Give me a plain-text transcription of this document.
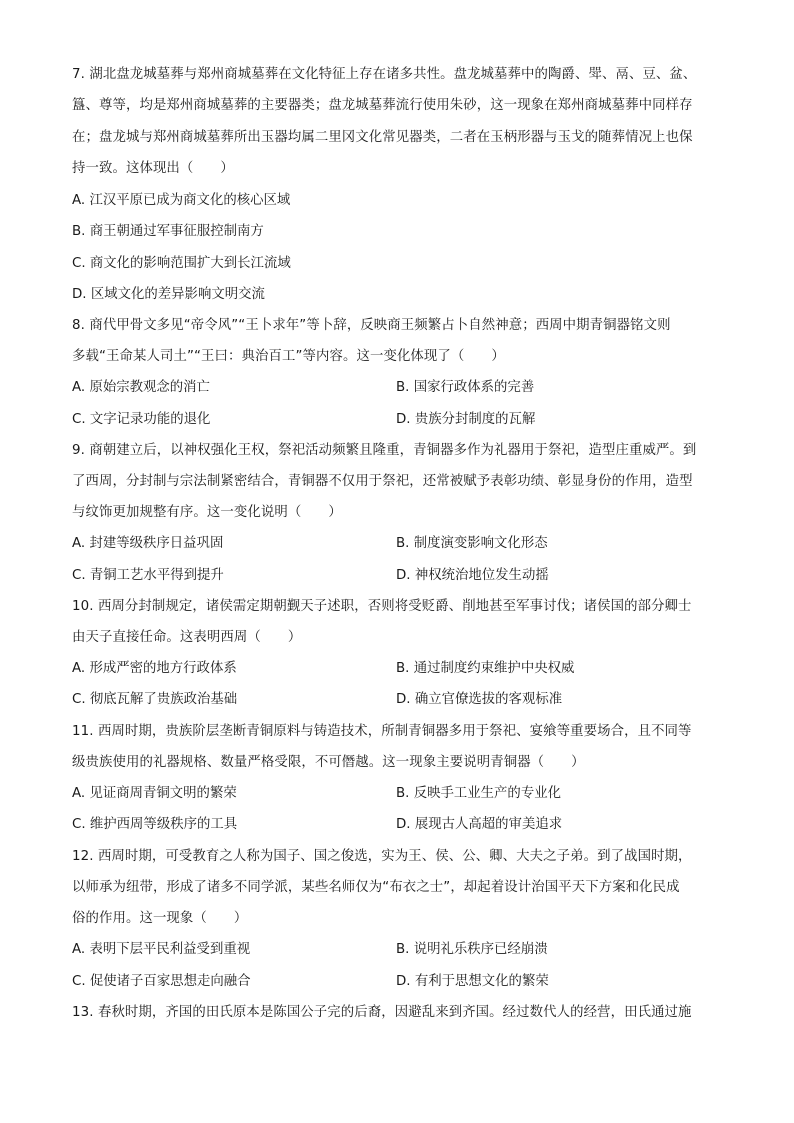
7. 湖北盘龙城墓葬与郑州商城墓葬在文化特征上存在诸多共性。盘龙城墓葬中的陶爵、斝、鬲、豆、盆、
簋、尊等，均是郑州商城墓葬的主要器类；盘龙城墓葬流行使用朱砂，这一现象在郑州商城墓葬中同样存
在；盘龙城与郑州商城墓葬所出玉器均属二里冈文化常见器类，二者在玉柄形器与玉戈的随葬情况上也保
持一致。这体现出（　　）
A. 江汉平原已成为商文化的核心区域
B. 商王朝通过军事征服控制南方
C. 商文化的影响范围扩大到长江流域
D. 区域文化的差异影响文明交流
8. 商代甲骨文多见“帝令风”“王卜求年”等卜辞，反映商王频繁占卜自然神意；西周中期青铜器铭文则
多载“王命某人司土”“王曰：典治百工”等内容。这一变化体现了（　　）
A. 原始宗教观念的消亡	B. 国家行政体系的完善
C. 文字记录功能的退化	D. 贵族分封制度的瓦解
9. 商朝建立后，以神权强化王权，祭祀活动频繁且隆重，青铜器多作为礼器用于祭祀，造型庄重威严。到
了西周，分封制与宗法制紧密结合，青铜器不仅用于祭祀，还常被赋予表彰功绩、彰显身份的作用，造型
与纹饰更加规整有序。这一变化说明（　　）
A. 封建等级秩序日益巩固	B. 制度演变影响文化形态
C. 青铜工艺水平得到提升	D. 神权统治地位发生动摇
10. 西周分封制规定，诸侯需定期朝觐天子述职，否则将受贬爵、削地甚至军事讨伐；诸侯国的部分卿士
由天子直接任命。这表明西周（　　）
A. 形成严密的地方行政体系	B. 通过制度约束维护中央权威
C. 彻底瓦解了贵族政治基础	D. 确立官僚选拔的客观标准
11. 西周时期，贵族阶层垄断青铜原料与铸造技术，所制青铜器多用于祭祀、宴飨等重要场合，且不同等
级贵族使用的礼器规格、数量严格受限，不可僭越。这一现象主要说明青铜器（　　）
A. 见证商周青铜文明的繁荣	B. 反映手工业生产的专业化
C. 维护西周等级秩序的工具	D. 展现古人高超的审美追求
12. 西周时期，可受教育之人称为国子、国之俊选，实为王、侯、公、卿、大夫之子弟。到了战国时期，
以师承为纽带，形成了诸多不同学派，某些名师仅为“布衣之士”，却起着设计治国平天下方案和化民成
俗的作用。这一现象（　　）
A. 表明下层平民利益受到重视	B. 说明礼乐秩序已经崩溃
C. 促使诸子百家思想走向融合	D. 有利于思想文化的繁荣
13. 春秋时期，齐国的田氏原本是陈国公子完的后裔，因避乱来到齐国。经过数代人的经营，田氏通过施
